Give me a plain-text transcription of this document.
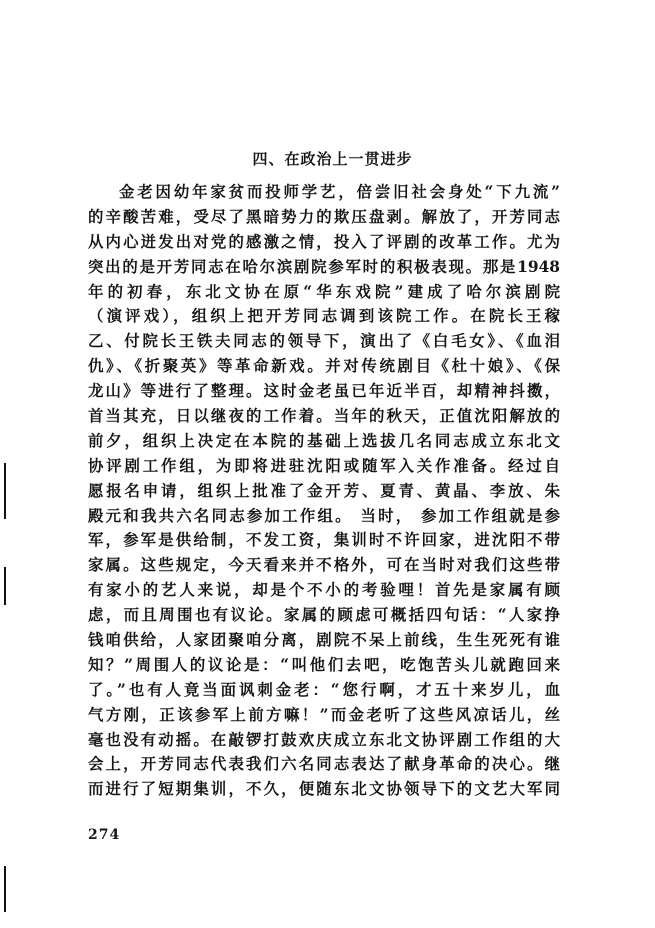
四、在政治上一贯进步
金老因幼年家贫而投师学艺，倍尝旧社会身处“下九流”
的辛酸苦难，受尽了黑暗势力的欺压盘剥。解放了，开芳同志
从内心迸发出对党的感激之情，投入了评剧的改革工作。尤为
突出的是开芳同志在哈尔滨剧院参军时的积极表现。那是1948
年的初春，东北文协在原“华东戏院”建成了哈尔滨剧院
（演评戏），组织上把开芳同志调到该院工作。在院长王稼
乙、付院长王铁夫同志的领导下，演出了《白毛女》、《血泪
仇》、《折聚英》等革命新戏。并对传统剧目《杜十娘》、《保
龙山》等进行了整理。这时金老虽已年近半百，却精神抖擞，
首当其充，日以继夜的工作着。当年的秋天，正值沈阳解放的
前夕，组织上决定在本院的基础上选拔几名同志成立东北文
协评剧工作组，为即将进驻沈阳或随军入关作准备。经过自
愿报名申请，组织上批准了金开芳、夏青、黄晶、李放、朱
殿元和我共六名同志参加工作组。 当时， 参加工作组就是参
军，参军是供给制，不发工资，集训时不许回家，进沈阳不带
家属。这些规定，今天看来并不格外，可在当时对我们这些带
有家小的艺人来说，却是个不小的考验哩！首先是家属有顾
虑，而且周围也有议论。家属的顾虑可概括四句话：“人家挣
钱咱供给，人家团聚咱分离，剧院不呆上前线，生生死死有谁
知？”周围人的议论是：“叫他们去吧，吃饱苦头儿就跑回来
了。”也有人竟当面讽刺金老：“您行啊，才五十来岁儿，血
气方刚，正该参军上前方嘛！”而金老听了这些风凉话儿，丝
毫也没有动摇。在敲锣打鼓欢庆成立东北文协评剧工作组的大
会上，开芳同志代表我们六名同志表达了献身革命的决心。继
而进行了短期集训，不久，便随东北文协领导下的文艺大军同
274
